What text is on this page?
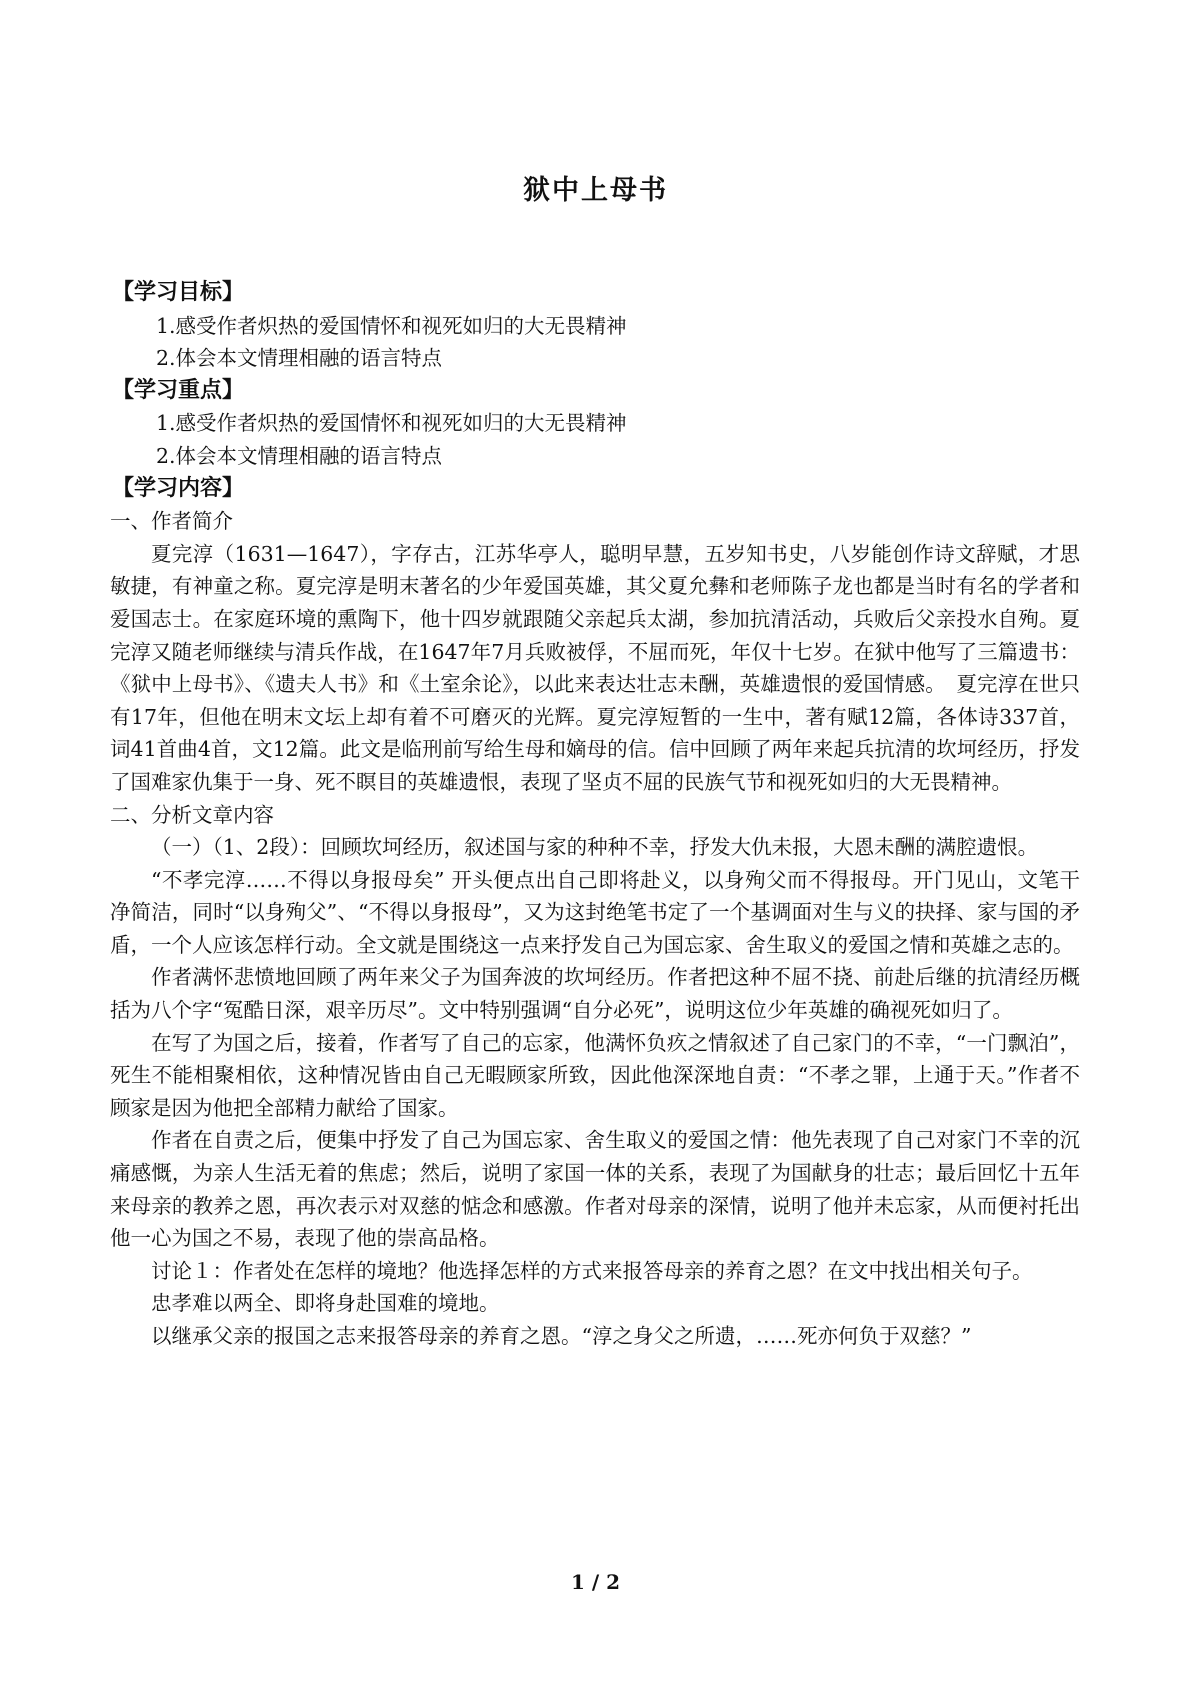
狱中上母书
【学习目标】
1.感受作者炽热的爱国情怀和视死如归的大无畏精神
2.体会本文情理相融的语言特点
【学习重点】
1.感受作者炽热的爱国情怀和视死如归的大无畏精神
2.体会本文情理相融的语言特点
【学习内容】
一、作者简介
夏完淳（1631—1647），字存古，江苏华亭人，聪明早慧，五岁知书史，八岁能创作诗文辞赋，才思敏捷，有神童之称。夏完淳是明末著名的少年爱国英雄，其父夏允彝和老师陈子龙也都是当时有名的学者和爱国志士。在家庭环境的熏陶下，他十四岁就跟随父亲起兵太湖，参加抗清活动，兵败后父亲投水自殉。夏完淳又随老师继续与清兵作战，在1647年7月兵败被俘，不屈而死，年仅十七岁。在狱中他写了三篇遗书：《狱中上母书》、《遗夫人书》和《土室余论》，以此来表达壮志未酬，英雄遗恨的爱国情感。　夏完淳在世只有17年，但他在明末文坛上却有着不可磨灭的光辉。夏完淳短暂的一生中，著有赋12篇，各体诗337首，词41首曲4首，文12篇。此文是临刑前写给生母和嫡母的信。信中回顾了两年来起兵抗清的坎坷经历，抒发了国难家仇集于一身、死不瞑目的英雄遗恨，表现了坚贞不屈的民族气节和视死如归的大无畏精神。
二、分析文章内容
（一）（1、2段）：回顾坎坷经历，叙述国与家的种种不幸，抒发大仇未报，大恩未酬的满腔遗恨。
“不孝完淳……不得以身报母矣” 开头便点出自己即将赴义，以身殉父而不得报母。开门见山，文笔干净简洁，同时“以身殉父”、“不得以身报母”，又为这封绝笔书定了一个基调面对生与义的抉择、家与国的矛盾，一个人应该怎样行动。全文就是围绕这一点来抒发自己为国忘家、舍生取义的爱国之情和英雄之志的。
作者满怀悲愤地回顾了两年来父子为国奔波的坎坷经历。作者把这种不屈不挠、前赴后继的抗清经历概括为八个字“冤酷日深，艰辛历尽”。文中特别强调“自分必死”，说明这位少年英雄的确视死如归了。
在写了为国之后，接着，作者写了自己的忘家，他满怀负疚之情叙述了自己家门的不幸，“一门飘泊”，死生不能相聚相依，这种情况皆由自己无暇顾家所致，因此他深深地自责：“不孝之罪，上通于天。”作者不顾家是因为他把全部精力献给了国家。
作者在自责之后，便集中抒发了自己为国忘家、舍生取义的爱国之情：他先表现了自己对家门不幸的沉痛感慨，为亲人生活无着的焦虑；然后，说明了家国一体的关系，表现了为国献身的壮志；最后回忆十五年来母亲的教养之恩，再次表示对双慈的惦念和感激。作者对母亲的深情，说明了他并未忘家，从而便衬托出他一心为国之不易，表现了他的崇高品格。
讨论１：作者处在怎样的境地？他选择怎样的方式来报答母亲的养育之恩？在文中找出相关句子。
忠孝难以两全、即将身赴国难的境地。
以继承父亲的报国之志来报答母亲的养育之恩。“淳之身父之所遗，……死亦何负于双慈？”
1 / 2
